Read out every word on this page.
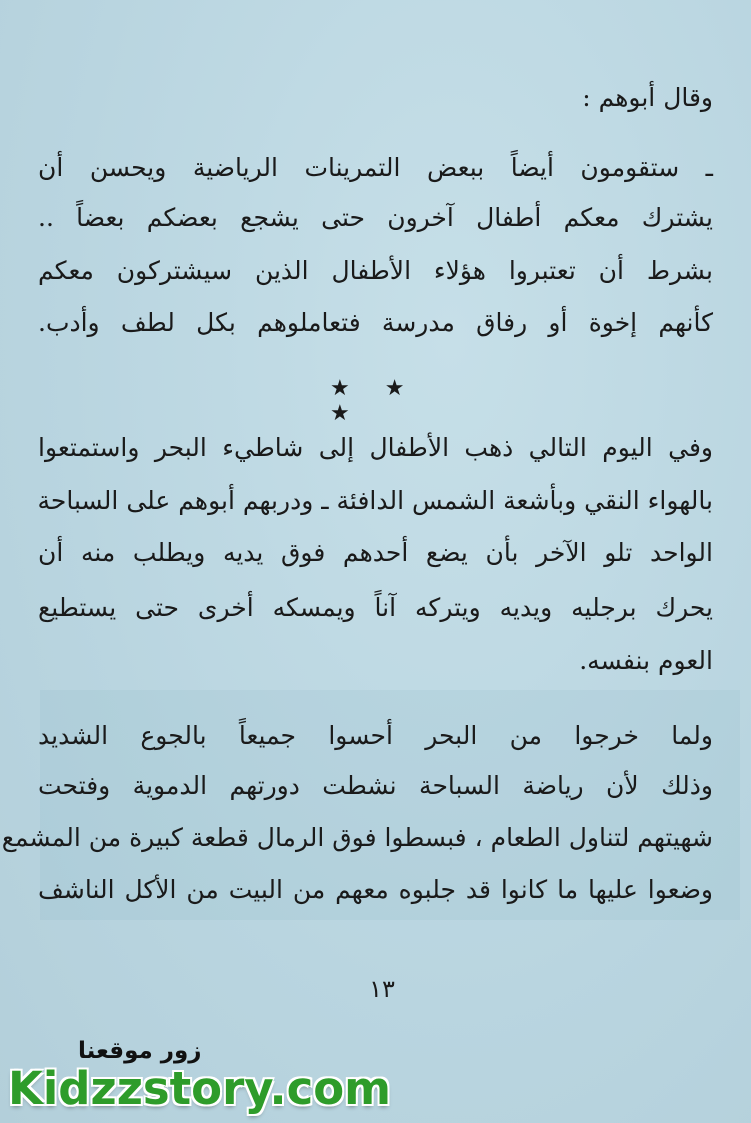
وقال أبوهم :
ـ ستقومون أيضاً ببعض التمرينات الرياضية ويحسن أن
يشترك معكم أطفال آخرون حتى يشجع بعضكم بعضاً ..
بشرط أن تعتبروا هؤلاء الأطفال الذين سيشتركون معكم
كأنهم إخوة أو رفاق مدرسة فتعاملوهم بكل لطف وأدب.
وفي اليوم التالي ذهب الأطفال إلى شاطيء البحر واستمتعوا
بالهواء النقي وبأشعة الشمس الدافئة ـ ودربهم أبوهم على السباحة
الواحد تلو الآخر بأن يضع أحدهم فوق يديه ويطلب منه أن
يحرك برجليه ويديه ويتركه آناً ويمسكه أخرى حتى يستطيع
العوم بنفسه.
ولما خرجوا من البحر أحسوا جميعاً بالجوع الشديد
وذلك لأن رياضة السباحة نشطت دورتهم الدموية وفتحت
شهيتهم لتناول الطعام ، فبسطوا فوق الرمال قطعة كبيرة من المشمع
وضعوا عليها ما كانوا قد جلبوه معهم من البيت من الأكل الناشف
★ ★ ★
١٣
زور موقعنا
Kidzzstory.com
